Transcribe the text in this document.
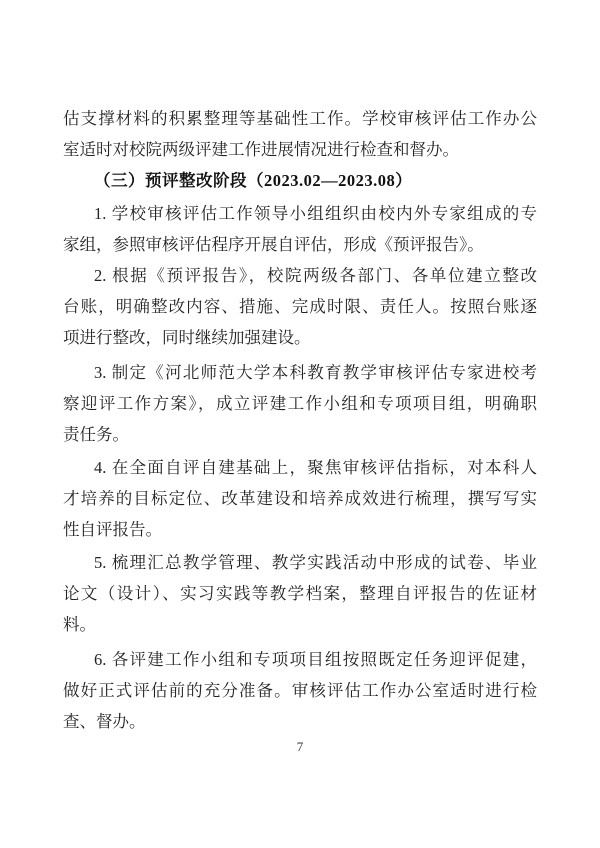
估支撑材料的积累整理等基础性工作。学校审核评估工作办公
室适时对校院两级评建工作进展情况进行检查和督办。
（三）预评整改阶段（2023.02—2023.08）
1. 学校审核评估工作领导小组组织由校内外专家组成的专
家组，参照审核评估程序开展自评估，形成《预评报告》。
2. 根据《预评报告》，校院两级各部门、各单位建立整改
台账，明确整改内容、措施、完成时限、责任人。按照台账逐
项进行整改，同时继续加强建设。
3. 制定《河北师范大学本科教育教学审核评估专家进校考
察迎评工作方案》，成立评建工作小组和专项项目组，明确职
责任务。
4. 在全面自评自建基础上，聚焦审核评估指标，对本科人
才培养的目标定位、改革建设和培养成效进行梳理，撰写写实
性自评报告。
5. 梳理汇总教学管理、教学实践活动中形成的试卷、毕业
论文（设计）、实习实践等教学档案，整理自评报告的佐证材
料。
6. 各评建工作小组和专项项目组按照既定任务迎评促建，
做好正式评估前的充分准备。审核评估工作办公室适时进行检
查、督办。
7
